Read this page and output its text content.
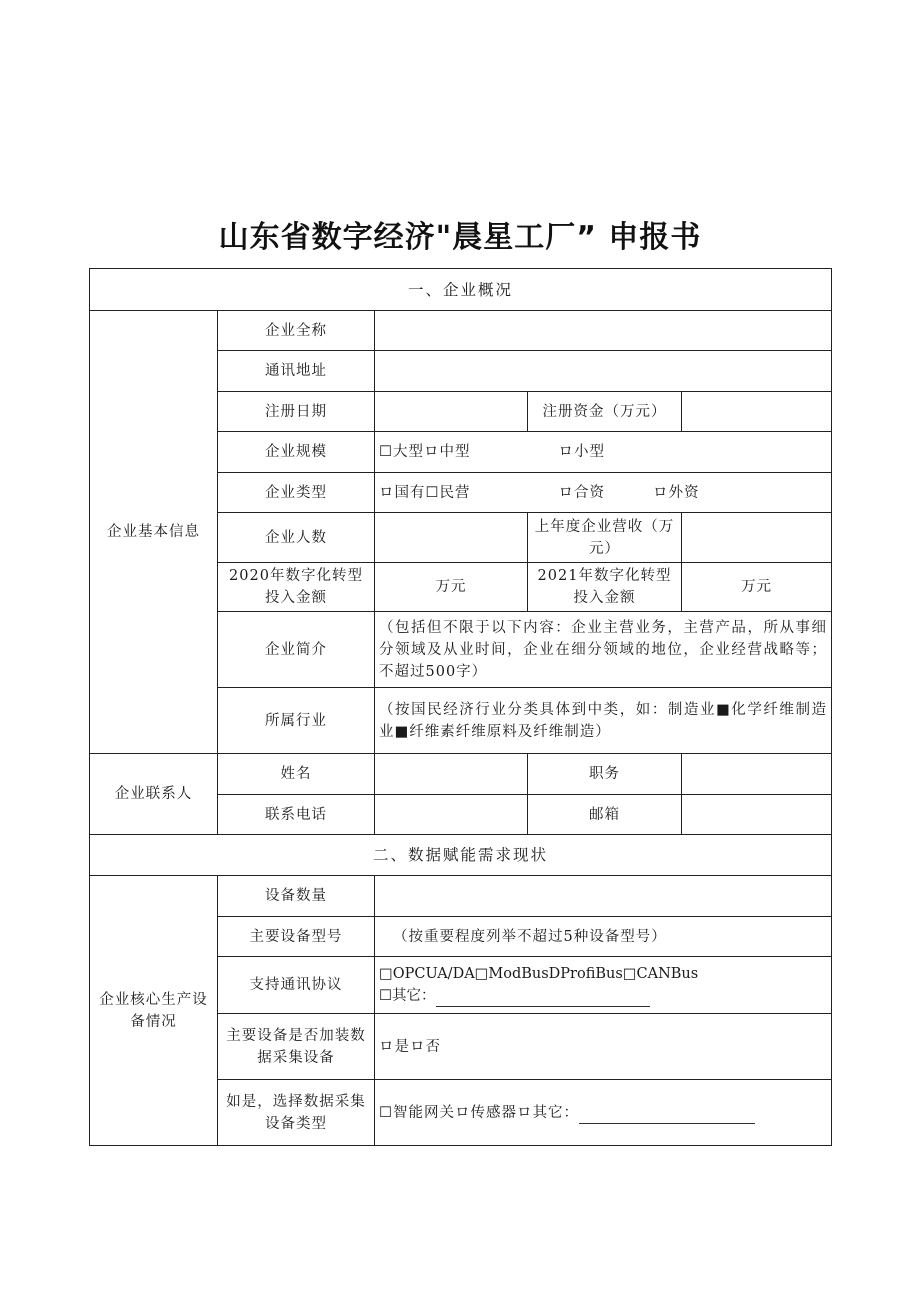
山东省数字经济"晨星工厂” 申报书
一、企业概况				
企业基本信息	企业全称			
	通讯地址			
	注册日期		注册资金（万元）	
	企业规模	☐大型ロ中型 ロ小型		
	企业类型	ロ国有☐民营 ロ合资 ロ外资		
	企业人数		上年度企业营收（万元）	
	2020年数字化转型投入金额	万元	2021年数字化转型投入金额	万元
	企业简介	（包括但不限于以下内容：企业主营业务，主营产品，所从事细分领域及从业时间，企业在细分领域的地位，企业经营战略等；不超过500字）		
	所属行业	（按国民经济行业分类具体到中类，如：制造业■化学纤维制造业■纤维素纤维原料及纤维制造）		
企业联系人	姓名		职务	
	联系电话		邮箱	
二、数据赋能需求现状				
企业核心生产设备情况	设备数量			
	主要设备型号	（按重要程度列举不超过5种设备型号）		
	支持通讯协议	□OPCUA/DA□ModBusDProfiBus□CANBus
☐其它：		

	主要设备是否加装数据采集设备	ロ是ロ否		
	如是，选择数据采集设备类型	☐智能网关ロ传感器ロ其它：		
